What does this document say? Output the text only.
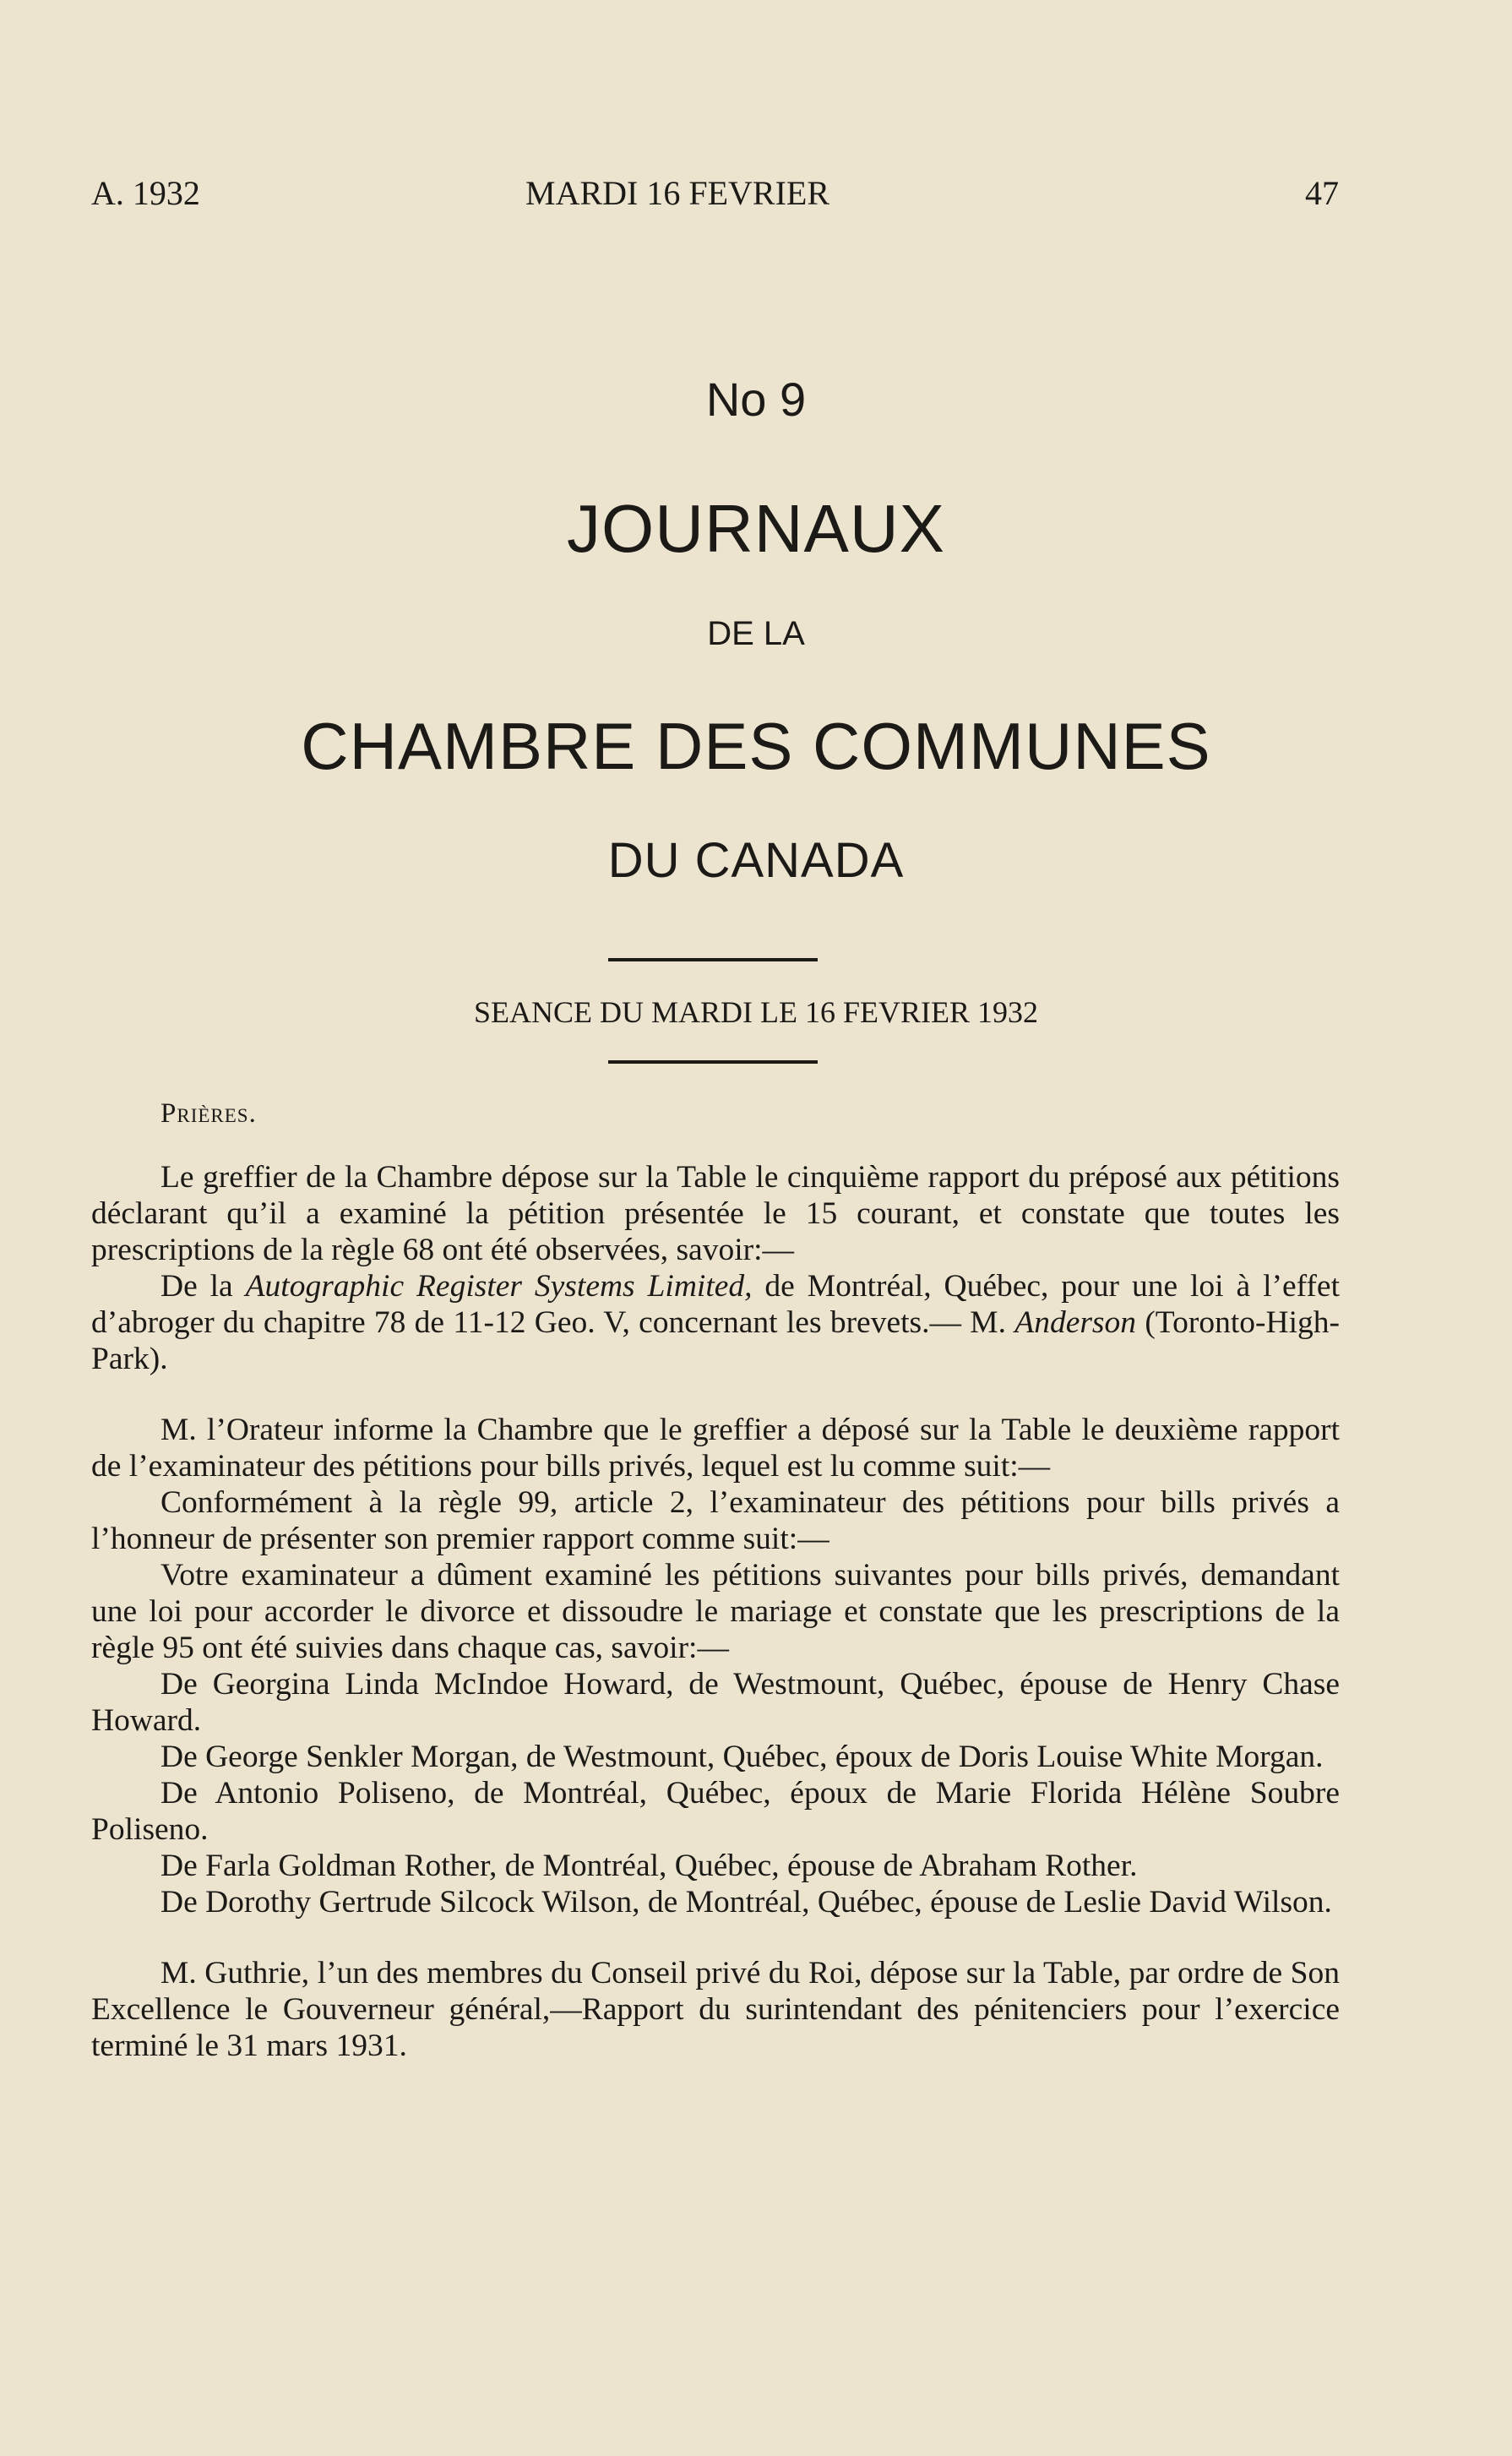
A. 1932	MARDI 16 FEVRIER	47
No 9
JOURNAUX
DE LA
CHAMBRE DES COMMUNES
DU CANADA
SEANCE DU MARDI LE 16 FEVRIER 1932
Prières.

Le greffier de la Chambre dépose sur la Table le cinquième rapport du préposé aux pétitions déclarant qu’il a examiné la pétition présentée le 15 courant, et constate que toutes les prescriptions de la règle 68 ont été observées, savoir:—

De la Autographic Register Systems Limited, de Montréal, Québec, pour une loi à l’effet d’abroger du chapitre 78 de 11-12 Geo. V, concernant les brevets.— M. Anderson (Toronto-High-Park).

M. l’Orateur informe la Chambre que le greffier a déposé sur la Table le deuxième rapport de l’examinateur des pétitions pour bills privés, lequel est lu comme suit:—

Conformément à la règle 99, article 2, l’examinateur des pétitions pour bills privés a l’honneur de présenter son premier rapport comme suit:—

Votre examinateur a dûment examiné les pétitions suivantes pour bills privés, demandant une loi pour accorder le divorce et dissoudre le mariage et constate que les prescriptions de la règle 95 ont été suivies dans chaque cas, savoir:—

De Georgina Linda McIndoe Howard, de Westmount, Québec, épouse de Henry Chase Howard.

De George Senkler Morgan, de Westmount, Québec, époux de Doris Louise White Morgan.

De Antonio Poliseno, de Montréal, Québec, époux de Marie Florida Hélène Soubre Poliseno.

De Farla Goldman Rother, de Montréal, Québec, épouse de Abraham Rother.

De Dorothy Gertrude Silcock Wilson, de Montréal, Québec, épouse de Leslie David Wilson.

M. Guthrie, l’un des membres du Conseil privé du Roi, dépose sur la Table, par ordre de Son Excellence le Gouverneur général,—Rapport du surintendant des pénitenciers pour l’exercice terminé le 31 mars 1931.
